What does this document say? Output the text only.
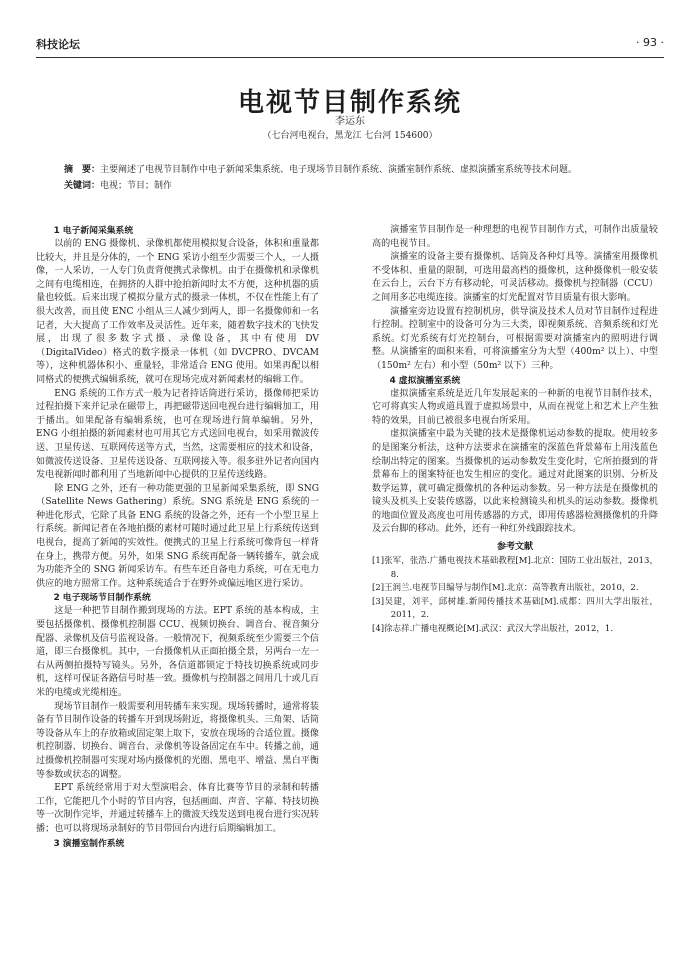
科技论坛	· 93 ·
电视节目制作系统
李运东
（七台河电视台，黑龙江 七台河 154600）
摘　要：主要阐述了电视节目制作中电子新闻采集系统、电子现场节目制作系统、演播室制作系统、虚拟演播室系统等技术问题。
关键词：电视；节目；制作
1 电子新闻采集系统

以前的 ENG 摄像机、录像机都使用模拟复合设备，体积和重量都比较大，并且是分体的，一个 ENG 采访小组至少需要三个人，一人摄像，一人采访，一人专门负责背便携式录像机。由于在摄像机和录像机之间有电缆相连，在拥挤的人群中抢拍新闻时太不方便，这种机器的质量也较低。后来出现了模拟分量方式的摄录一体机，不仅在性能上有了很大改善，而且使 ENC 小组从三人减少到两人，即一名摄像师和一名记者，大大提高了工作效率及灵活性。近年来，随着数字技术的飞快发展，出现了很多数字式摄、录像设备，其中有使用 DV（DigitalVideo）格式的数字摄录一体机（如 DVCPRO、DVCAM 等），这种机器体积小、重量轻，非常适合 ENG 使用。如果再配以相同格式的便携式编辑系统，就可在现场完成对新闻素材的编辑工作。

ENG 系统的工作方式一般为记者持话筒进行采访，摄像师把采访过程拍摄下来并记录在磁带上，再把磁带送回电视台进行编辑加工，用于播出。如果配备有编辑系统，也可在现场进行简单编辑。另外，ENG 小组拍摄的新闻素材也可用其它方式送回电视台，如采用微波传送、卫星传送、互联网传送等方式，当然，这需要相应的技术和设备，如微波传送设备、卫星传送设备、互联网接入等。很多驻外记者向国内发电视新闻时都利用了当地新闻中心提供的卫星传送线路。

除 ENG 之外，还有一种功能更强的卫星新闻采集系统，即 SNG（Satellite News Gathering）系统。SNG 系统是 ENG 系统的一种进化形式，它除了具备 ENG 系统的设备之外，还有一个小型卫星上行系统。新闻记者在各地拍摄的素材可随时通过此卫星上行系统传送到电视台，提高了新闻的实效性。便携式的卫星上行系统可像背包一样背在身上，携带方便。另外，如果 SNG 系统再配备一辆转播车，就会成为功能齐全的 SNG 新闻采访车。有些车还自备电力系统，可在无电力供应的地方照常工作。这种系统适合于在野外或偏远地区进行采访。

2 电子现场节目制作系统

这是一种把节目制作搬到现场的方法。EPT 系统的基本构成，主要包括摄像机、摄像机控制器 CCU、视频切换台、调音台、视音频分配器、录像机及信号监视设备。一般情况下，视频系统至少需要三个信道，即三台摄像机。其中，一台摄像机从正面拍摄全景，另两台一左一右从两侧拍摄特写镜头。另外，各信道都锁定于特技切换系统或同步机，这样可保证各路信号时基一致。摄像机与控制器之间用几十或几百米的电缆或光缆相连。

现场节目制作一般需要利用转播车来实现。现场转播时，通常将装备有节目制作设备的转播车开到现场附近，将摄像机头、三角架、话筒等设备从车上的存放箱或固定架上取下，安放在现场的合适位置。摄像机控制器、切换台、调音台、录像机等设备固定在车中。转播之前，通过摄像机控制器可实现对场内摄像机的光圈、黑电平、增益、黑白平衡等参数或状态的调整。

EPT 系统经常用于对大型演唱会、体育比赛等节目的录制和转播工作，它能把几个小时的节目内容，包括画面、声音、字幕、特技切换等一次制作完毕，并通过转播车上的微波天线发送到电视台进行实况转播；也可以将现场录制好的节目带回台内进行后期编辑加工。

3 演播室制作系统

演播室节目制作是一种理想的电视节目制作方式，可制作出质量较高的电视节目。

演播室的设备主要有摄像机、话筒及各种灯具等。演播室用摄像机不受体积、重量的限制，可选用最高档的摄像机，这种摄像机一般安装在云台上，云台下方有移动轮，可灵活移动。摄像机与控制器（CCU）之间用多芯电缆连接。演播室的灯光配置对节目质量有很大影响。

演播室旁边设置有控制机房，供导演及技术人员对节目制作过程进行控制。控制室中的设备可分为三大类，即视频系统、音频系统和灯光系统。灯光系统有灯光控制台，可根据需要对演播室内的照明进行调整。从演播室的面积来看，可将演播室分为大型（400m² 以上）、中型（150m² 左右）和小型（50m² 以下）三种。

4 虚拟演播室系统

虚拟演播室系统是近几年发展起来的一种新的电视节目制作技术，它可将真实人物或道具置于虚拟场景中，从而在视觉上和艺术上产生独特的效果，目前已被很多电视台所采用。

虚拟演播室中最为关键的技术是摄像机运动参数的提取。使用较多的是图案分析法，这种方法要求在演播室的深蓝色背景幕布上用浅蓝色绘制出特定的图案。当摄像机的运动参数发生变化时，它所拍摄到的背景幕布上的图案特征也发生相应的变化。通过对此图案的识别、分析及数学运算，就可确定摄像机的各种运动参数。另一种方法是在摄像机的镜头及机头上安装传感器，以此来检测镜头和机头的运动参数。摄像机的地面位置及高度也可用传感器的方式，即用传感器检测摄像机的升降及云台脚的移动。此外，还有一种红外线跟踪技术。

参考文献
[1]张军，张浩.广播电视技术基础教程[M].北京：国防工业出版社，2013，8.
[2]王润兰.电视节目编导与制作[M].北京：高等教育出版社，2010，2.
[3]吴建，刘平，邱树雄.新闻传播技术基础[M].成都：四川大学出版社，2011，2.
[4]徐志祥.广播电视概论[M].武汉：武汉大学出版社，2012，1.
